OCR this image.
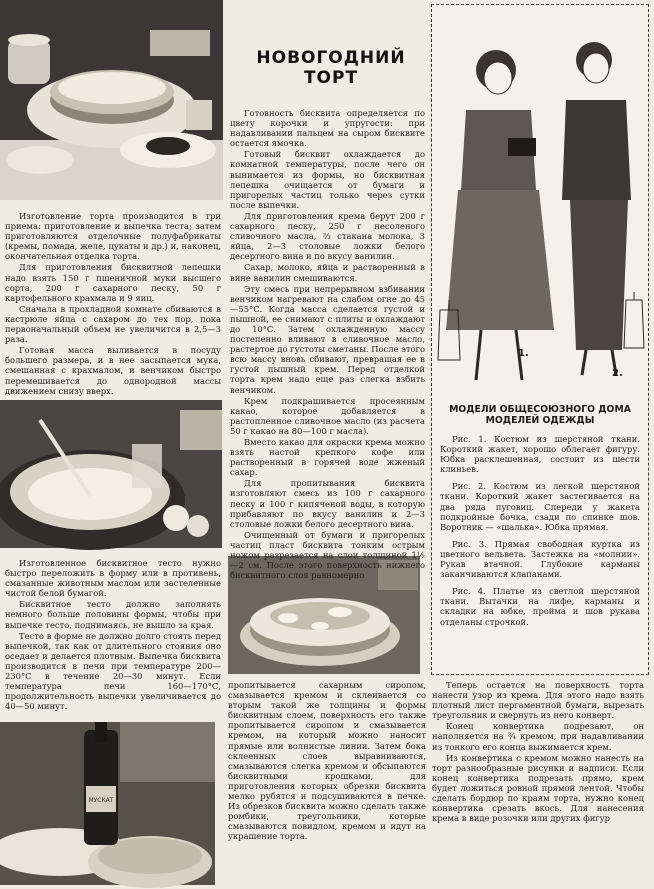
МУСКАТ
НОВОГОДНИЙ ТОРТ

Изготовление торта производится в три приема: приготовление и выпечка теста; затем приготовляются отделочные полуфабрикаты (кремы, помада, желе, цукаты и др.) и, наконец, окончательная отделка торта.

Для приготовления бисквитной лепешки надо взять 150 г пшеничной муки высшего сорта, 200 г сахарного песку, 50 г картофельного крахмала и 9 яиц.

Сначала в прохладной комнате сбиваются в кастрюле яйца с сахаром до тех пор, пока первоначальный объем не увеличится в 2,5—3 раза.

Готовая масса выливается в посуду большего размера, и в нее засыпается мука, смешанная с крахмалом, и венчиком быстро перемешивается до однородной массы движением снизу вверх.

Изготовленное бисквитное тесто нужно быстро переложить в форму или в противень, смазанные животным маслом или застеленные чистой белой бумагой.

Бисквитное тесто должно заполнять немного больше половины формы, чтобы при выпечке тесто, поднимаясь, не вышло за края.

Тесто в форме не должно долго стоять перед выпечкой, так как от длительного стояния оно оседает и делается плотным. Выпечка бисквита производится в печи при температуре 200—230°С в течение 20—30 минут. Если температура печи 160—170°С, продолжительность выпечки увеличивается до 40—50 минут.

Готовность бисквита определяется по цвету корочки и упругости: при надавливании пальцем на сыром бисквите остается ямочка.

Готовый бисквит охлаждается до комнатной температуры, после чего он вынимается из формы, но бисквитная лепешка очищается от бумаги и пригорелых частиц только через сутки после выпечки.

Для приготовления крема берут 200 г сахарного песку, 250 г несоленого сливочного масла, ⅔ стакана молока, 3 яйца, 2—3 столовые ложки белого десертного вина и по вкусу ванилин.

Сахар, молоко, яйца и растворенный в вине ванилин смешиваются.

Эту смесь при непрерывном взбивании венчиком нагревают на слабом огне до 45—55°С. Когда масса сделается густой и пышной, ее снимают с плиты и охлаждают до 10°С. Затем охлажденную массу постепенно вливают в сливочное масло, растертое до густоты сметаны. После этого всю массу вновь сбивают, превращая ее в густой пышный крем. Перед отделкой торта крем надо еще раз слегка взбить венчиком.

Крем подкрашивается просеянным какао, которое добавляется в растопленное сливочное масло (из расчета 50 г какао на 80—100 г масла).

Вместо какао для окраски крема можно взять настой крепкого кофе или растворенный в горячей воде жженый сахар.

Для пропитывания бисквита изготовляют смесь из 100 г сахарного песку и 100 г кипяченой воды, в которую прибавляют по вкусу ванилин и 2—3 столовые ложки белого десертного вина.

Очищенный от бумаги и пригорелых частиц пласт бисквита тонким острым ножом разрезается на слои толщиной 1½—2 см. После этого поверхность нижнего бисквитного слоя равномерно

пропитывается сахарным сиропом, смазывается кремом и склеивается со вторым такой же толщины и формы бисквитным слоем, поверхность его также пропитывается сиропом и смазывается кремом, на который можно наносит прямые или волнистые линии. Затем бока склеенных слоев выравниваются, смазываются слегка кремом и обсыпаются бисквитными крошками, для приготовления которых обрезки бисквита мелко рубятся и подсушиваются в печке. Из обрезков бисквита можно сделать также ромбики, треугольники, которые смазываются повидлом, кремом и идут на украшение торта.

1.
2.
МОДЕЛИ ОБЩЕСОЮЗНОГО ДОМА МОДЕЛЕЙ ОДЕЖДЫ

Рис. 1. Костюм из шерстяной ткани. Короткий жакет, хорошо облегает фигуру. Юбка расклешенная, состоит из шести клиньев.

Рис. 2. Костюм из легкой шерстяной ткани. Короткий жакет застегивается на два ряда пуговиц. Спереди у жакета подкройные бочка, сзади по спинке шов. Воротник — «шалька». Юбка прямая.

Рис. 3. Прямая свободная куртка из цветного вельвета. Застежка на «молнии». Рукав втачной. Глубокие карманы заканчиваются клапанами.

Рис. 4. Платье из светлой шерстяной ткани. Вытачки на лифе, карманы и складки на юбке, пройма и шов рукава отделаны строчкой.

Теперь остается на поверхность торта нанести узор из крема. Для этого надо взять плотный лист пергаментной бумаги, вырезать треугольник и свернуть из него конверт.

Конец конвертика подрезают, он наполняется на ¾ кремом, при надавливании из тонкого его конца выжимается крем.

Из конвертика с кремом можно нанесть на торт разнообразные рисунки и надписи. Если конец конвертика подрезать прямо, крем будет ложиться ровной прямой лентой. Чтобы сделать бордюр по краям торта, нужно конец конвертика срезать вкось. Для нанесения крема в виде розочки или других фигур
